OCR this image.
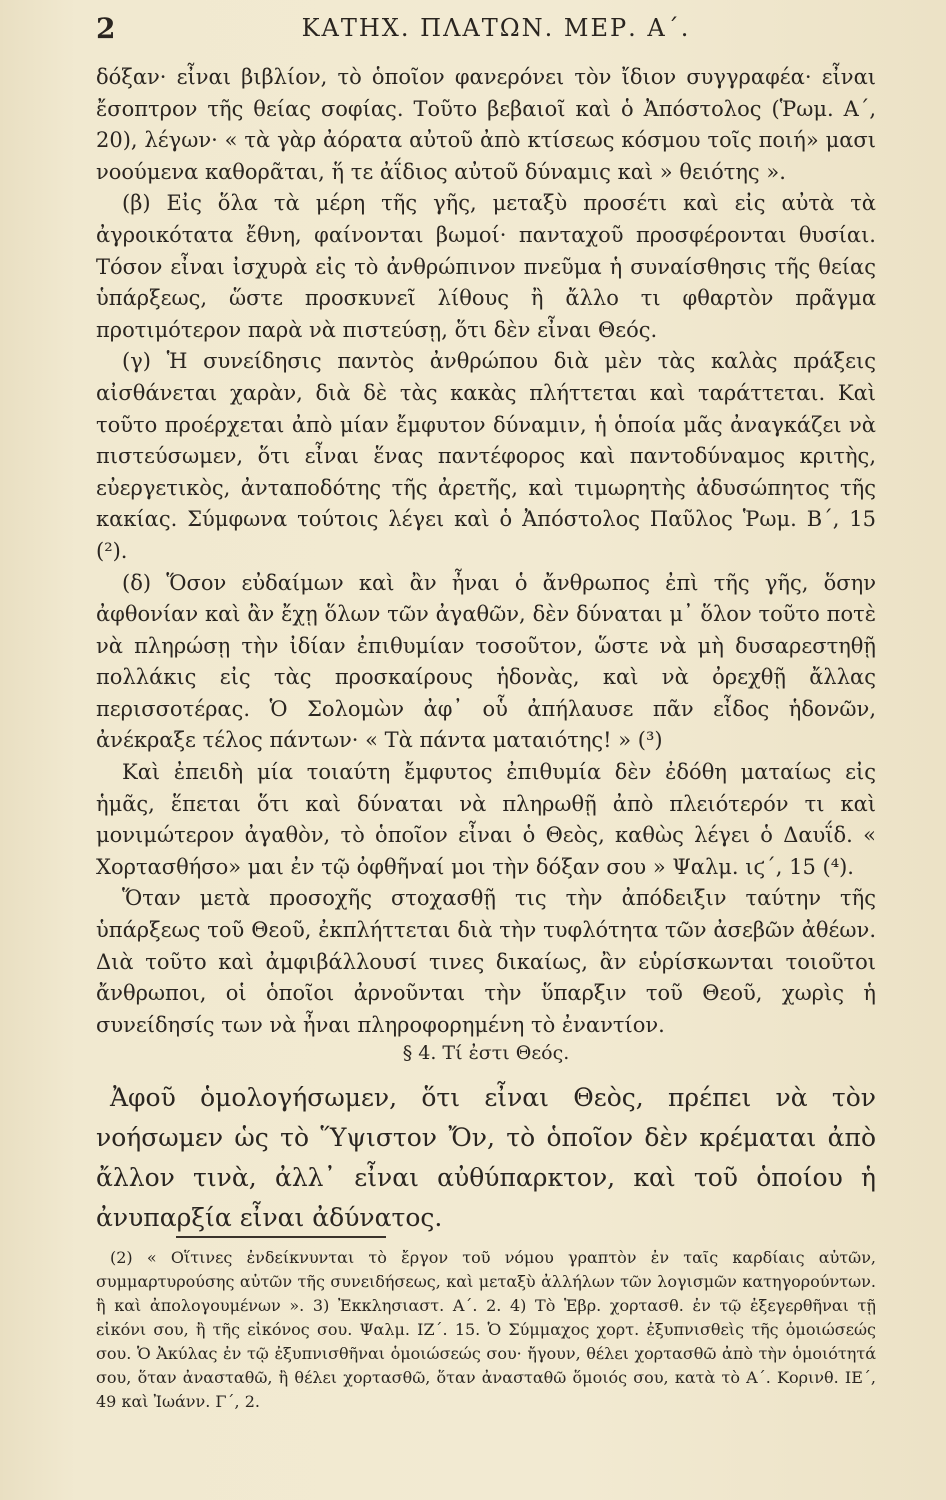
2	ΚΑΤΗΧ. ΠΛΑΤΩΝ. ΜΕΡ. Α΄.

δόξαν· εἶναι βιβλίον, τὸ ὁποῖον φανερόνει τὸν ἴδιον συγγραφέα· εἶναι ἔσοπτρον τῆς θείας σοφίας. Τοῦτο βεβαιοῖ καὶ ὁ Ἀπόστολος (Ῥωμ. Α΄, 20), λέγων· « τὰ γὰρ ἀόρατα αὐτοῦ ἀπὸ κτίσεως κόσμου τοῖς ποιή» μασι νοούμενα καθορᾶται, ἥ τε ἀΐδιος αὐτοῦ δύναμις καὶ » θειότης ».

(β) Εἰς ὅλα τὰ μέρη τῆς γῆς, μεταξὺ προσέτι καὶ εἰς αὐτὰ τὰ ἀγροικότατα ἔθνη, φαίνονται βωμοί· πανταχοῦ προσφέρονται θυσίαι. Τόσον εἶναι ἰσχυρὰ εἰς τὸ ἀνθρώπινον πνεῦμα ἡ συναίσθησις τῆς θείας ὑπάρξεως, ὥστε προσκυνεῖ λίθους ἢ ἄλλο τι φθαρτὸν πρᾶγμα προτιμότερον παρὰ νὰ πιστεύσῃ, ὅτι δὲν εἶναι Θεός.

(γ) Ἡ συνείδησις παντὸς ἀνθρώπου διὰ μὲν τὰς καλὰς πράξεις αἰσθάνεται χαρὰν, διὰ δὲ τὰς κακὰς πλήττεται καὶ ταράττεται. Καὶ τοῦτο προέρχεται ἀπὸ μίαν ἔμφυτον δύναμιν, ἡ ὁποία μᾶς ἀναγκάζει νὰ πιστεύσωμεν, ὅτι εἶναι ἕνας παντέφορος καὶ παντοδύναμος κριτὴς, εὐεργετικὸς, ἀνταποδότης τῆς ἀρετῆς, καὶ τιμωρητὴς ἀδυσώπητος τῆς κακίας. Σύμφωνα τούτοις λέγει καὶ ὁ Ἀπόστολος Παῦλος Ῥωμ. Β΄, 15 (²).

(δ) Ὅσον εὐδαίμων καὶ ἂν ἦναι ὁ ἄνθρωπος ἐπὶ τῆς γῆς, ὅσην ἀφθονίαν καὶ ἂν ἔχῃ ὅλων τῶν ἀγαθῶν, δὲν δύναται μ᾽ ὅλον τοῦτο ποτὲ νὰ πληρώσῃ τὴν ἰδίαν ἐπιθυμίαν τοσοῦτον, ὥστε νὰ μὴ δυσαρεστηθῇ πολλάκις εἰς τὰς προσκαίρους ἡδονὰς, καὶ νὰ ὀρεχθῇ ἄλλας περισσοτέρας. Ὁ Σολομὼν ἀφ᾽ οὗ ἀπήλαυσε πᾶν εἶδος ἡδονῶν, ἀνέκραξε τέλος πάντων· « Τὰ πάντα ματαιότης! » (³)

Καὶ ἐπειδὴ μία τοιαύτη ἔμφυτος ἐπιθυμία δὲν ἐδόθη ματαίως εἰς ἡμᾶς, ἕπεται ὅτι καὶ δύναται νὰ πληρωθῇ ἀπὸ πλειότερόν τι καὶ μονιμώτερον ἀγαθὸν, τὸ ὁποῖον εἶναι ὁ Θεὸς, καθὼς λέγει ὁ Δαυΐδ. « Χορτασθήσο» μαι ἐν τῷ ὀφθῆναί μοι τὴν δόξαν σου » Ψαλμ. ιϛ΄, 15 (⁴).

Ὅταν μετὰ προσοχῆς στοχασθῇ τις τὴν ἀπόδειξιν ταύτην τῆς ὑπάρξεως τοῦ Θεοῦ, ἐκπλήττεται διὰ τὴν τυφλότητα τῶν ἀσεβῶν ἀθέων. Διὰ τοῦτο καὶ ἀμφιβάλλουσί τινες δικαίως, ἂν εὑρίσκωνται τοιοῦτοι ἄνθρωποι, οἱ ὁποῖοι ἀρνοῦνται τὴν ὕπαρξιν τοῦ Θεοῦ, χωρὶς ἡ συνείδησίς των νὰ ἦναι πληροφορημένη τὸ ἐναντίον.

§ 4. Τί ἐστι Θεός.

Ἀφοῦ ὁμολογήσωμεν, ὅτι εἶναι Θεὸς, πρέπει νὰ τὸν νοήσωμεν ὡς τὸ Ὕψιστον Ὄν, τὸ ὁποῖον δὲν κρέμαται ἀπὸ ἄλλον τινὰ, ἀλλ᾽ εἶναι αὐθύπαρκτον, καὶ τοῦ ὁποίου ἡ ἀνυπαρξία εἶναι ἀδύνατος.

(2) « Οἵτινες ἐνδείκνυνται τὸ ἔργον τοῦ νόμου γραπτὸν ἐν ταῖς καρδίαις αὐτῶν, συμμαρτυρούσης αὐτῶν τῆς συνειδήσεως, καὶ μεταξὺ ἀλλήλων τῶν λογισμῶν κατηγορούντων. ἢ καὶ ἀπολογουμένων ». 3) Ἐκκλησιαστ. Α΄. 2. 4) Τὸ Ἑβρ. χορτασθ. ἐν τῷ ἐξεγερθῆναι τῇ εἰκόνι σου, ἢ τῆς εἰκόνος σου. Ψαλμ. ΙΖ΄. 15. Ὁ Σύμμαχος χορτ. ἐξυπνισθεὶς τῆς ὁμοιώσεώς σου. Ὁ Ἀκύλας ἐν τῷ ἐξυπνισθῆναι ὁμοιώσεώς σου· ἤγουν, θέλει χορτασθῶ ἀπὸ τὴν ὁμοιότητά σου, ὅταν ἀνασταθῶ, ἢ θέλει χορτασθῶ, ὅταν ἀνασταθῶ ὅμοιός σου, κατὰ τὸ Α΄. Κορινθ. ΙΕ΄, 49 καὶ Ἰωάνν. Γ΄, 2.
